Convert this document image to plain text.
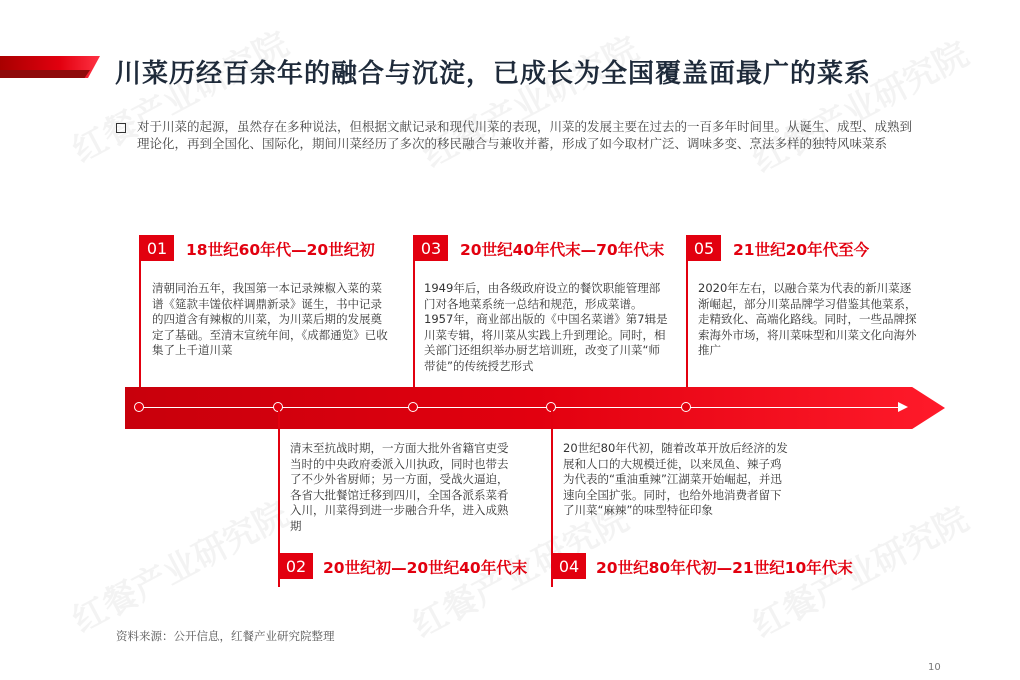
川菜历经百余年的融合与沉淀，已成长为全国覆盖面最广的菜系
对于川菜的起源，虽然存在多种说法，但根据文献记录和现代川菜的表现，川菜的发展主要在过去的一百多年时间里。从诞生、成型、成熟到理论化，再到全国化、国际化，期间川菜经历了多次的移民融合与兼收并蓄，形成了如今取材广泛、调味多变、烹法多样的独特风味菜系
01	18世纪60年代—20世纪初
清朝同治五年，我国第一本记录辣椒入菜的菜谱《筵款丰馐依样调鼎新录》诞生，书中记录的四道含有辣椒的川菜，为川菜后期的发展奠定了基础。至清末宣统年间，《成都通览》已收集了上千道川菜
03	20世纪40年代末—70年代末
1949年后，由各级政府设立的餐饮职能管理部门对各地菜系统一总结和规范，形成菜谱。1957年，商业部出版的《中国名菜谱》第7辑是川菜专辑，将川菜从实践上升到理论。同时，相关部门还组织举办厨艺培训班，改变了川菜“师带徒”的传统授艺形式
05	21世纪20年代至今
2020年左右，以融合菜为代表的新川菜逐渐崛起，部分川菜品牌学习借鉴其他菜系，走精致化、高端化路线。同时，一些品牌探索海外市场，将川菜味型和川菜文化向海外推广
清末至抗战时期，一方面大批外省籍官吏受当时的中央政府委派入川执政，同时也带去了不少外省厨师；另一方面，受战火逼迫，各省大批餐馆迁移到四川，全国各派系菜肴入川，川菜得到进一步融合升华，进入成熟期
02	20世纪初—20世纪40年代末
20世纪80年代初，随着改革开放后经济的发展和人口的大规模迁徙，以来凤鱼、辣子鸡为代表的“重油重辣”江湖菜开始崛起，并迅速向全国扩张。同时，也给外地消费者留下了川菜“麻辣”的味型特征印象
04	20世纪80年代初—21世纪10年代末
资料来源：公开信息，红餐产业研究院整理
10
